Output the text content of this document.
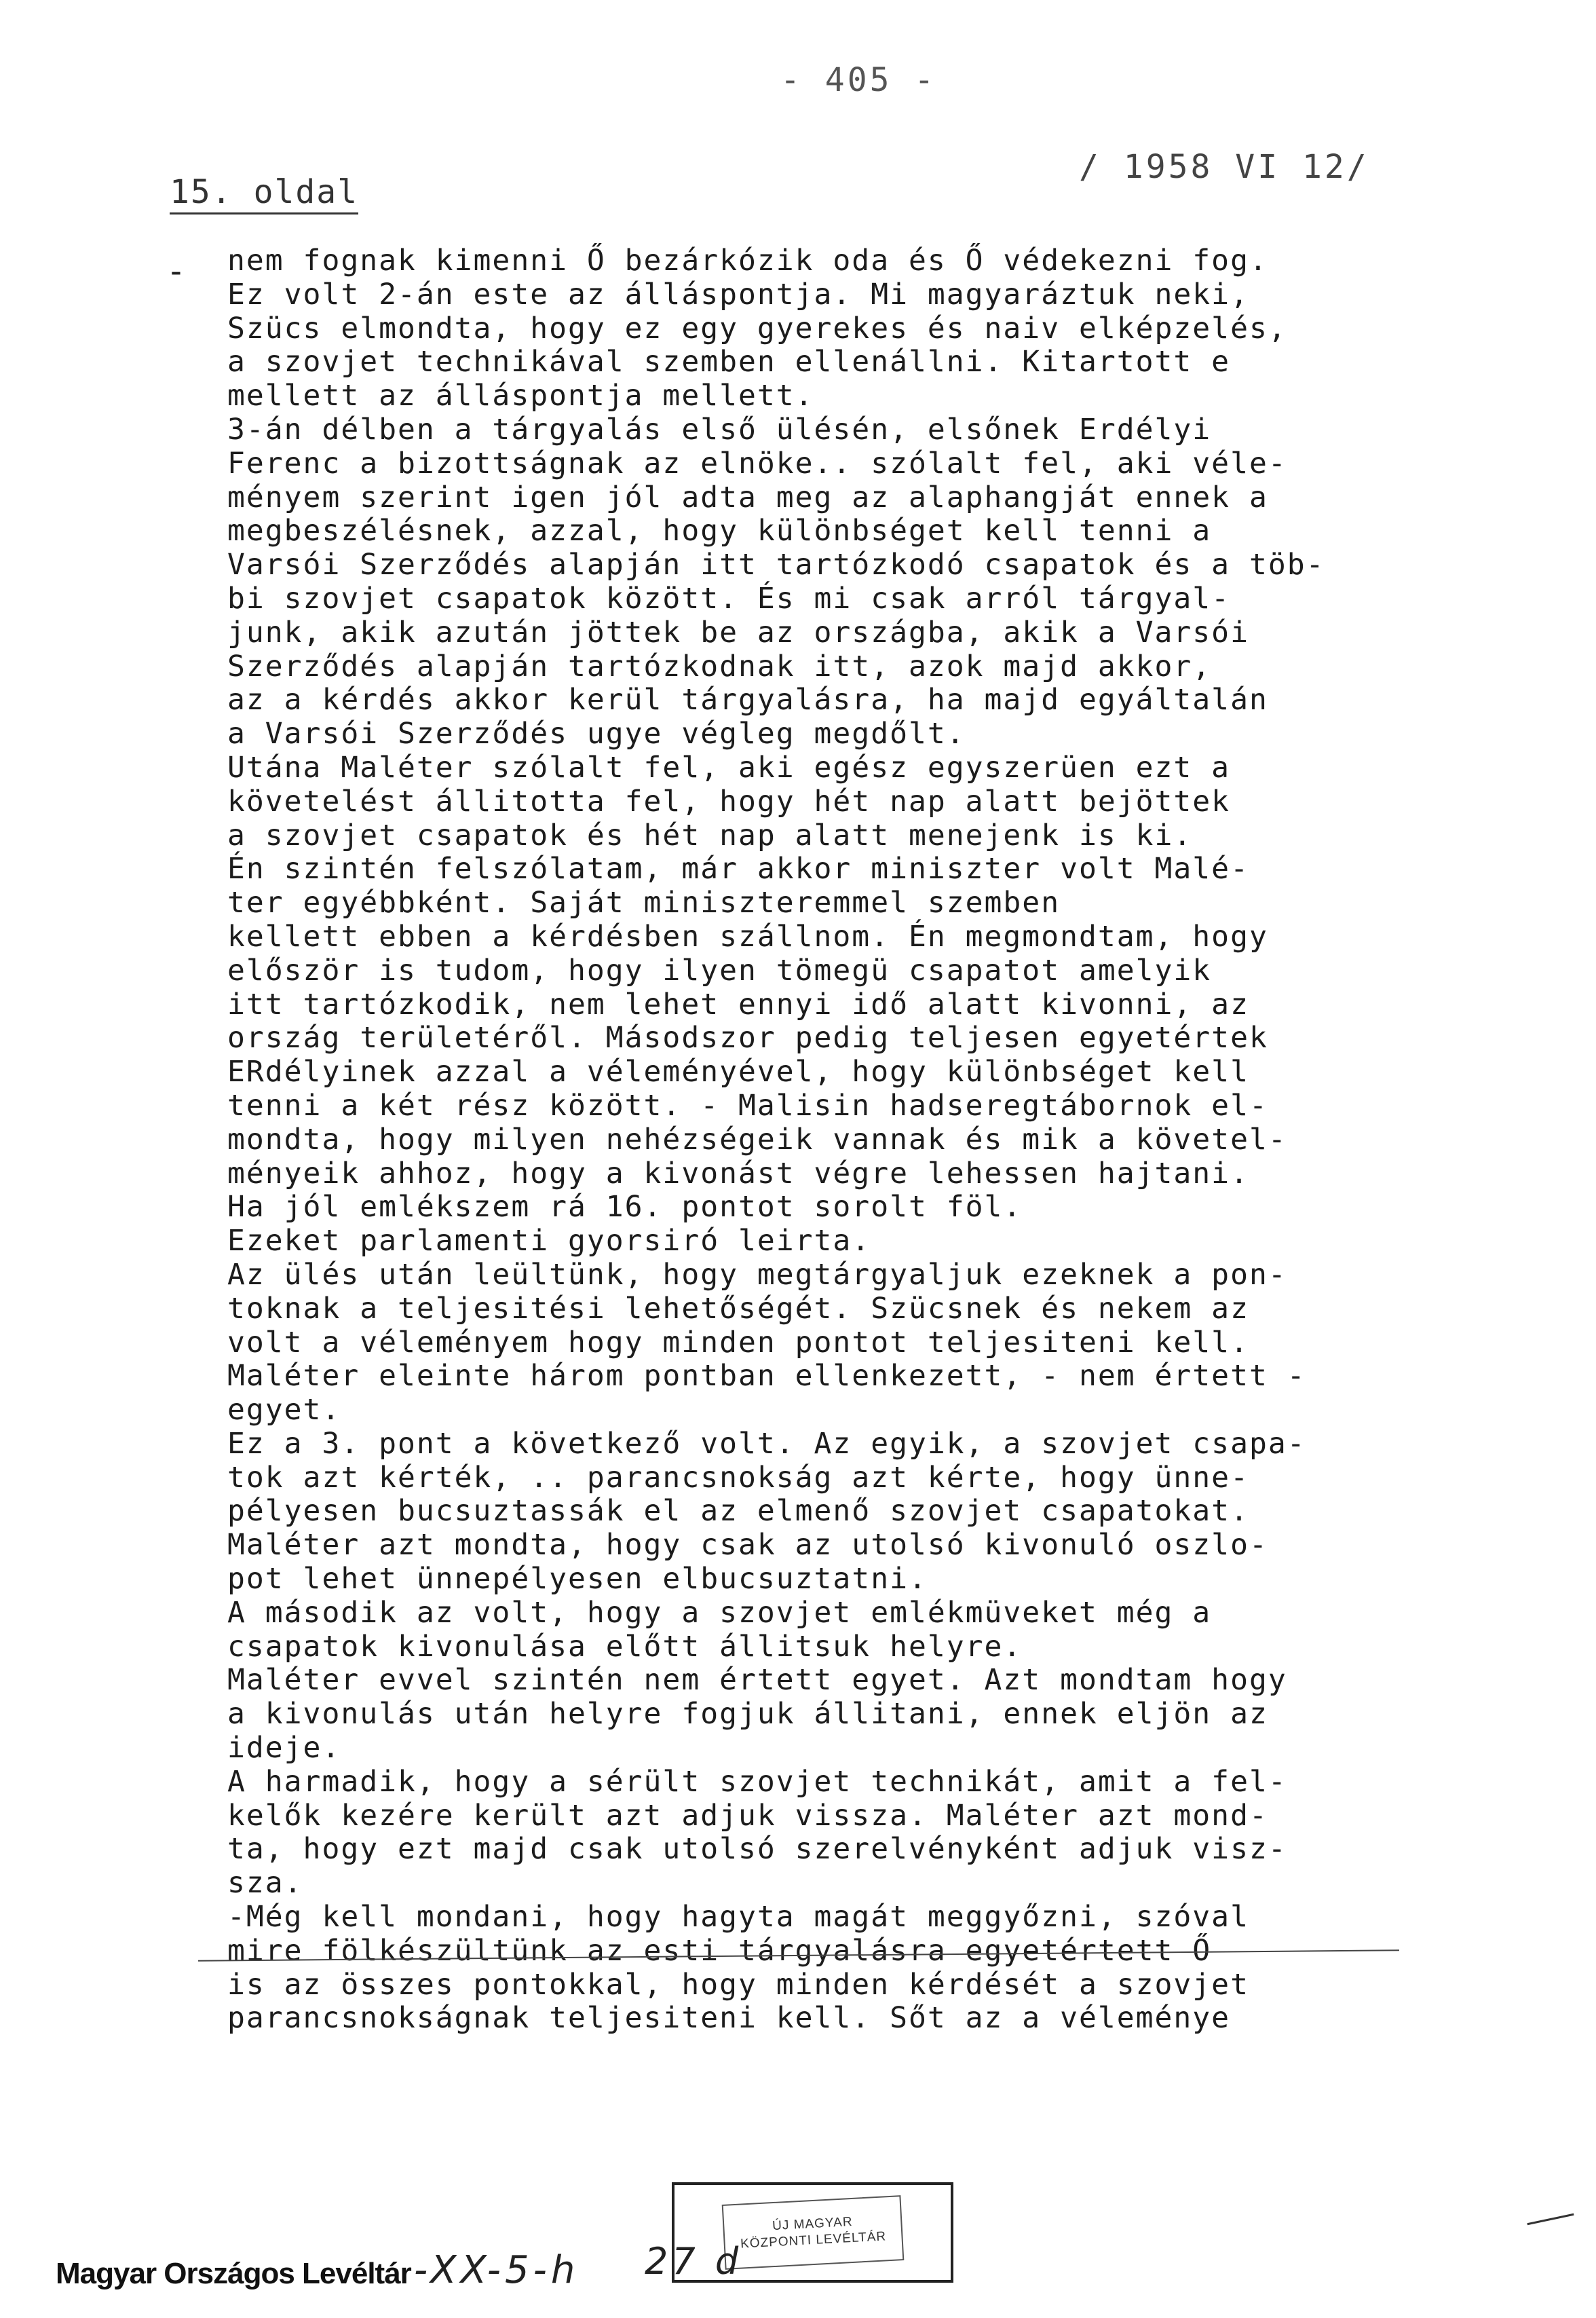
- 405 -
15. oldal
/ 1958 VI 12/
- nem fognak kimenni Ő bezárkózik oda és Ő védekezni fog.
Ez volt 2-án este az álláspontja. Mi magyaráztuk neki,
Szücs elmondta, hogy ez egy gyerekes és naiv elképzelés,
a szovjet technikával szemben ellenállni. Kitartott e
mellett az álláspontja mellett.
3-án délben a tárgyalás első ülésén, elsőnek Erdélyi
Ferenc a bizottságnak az elnöke.. szólalt fel, aki véle-
ményem szerint igen jól adta meg az alaphangját ennek a
megbeszélésnek, azzal, hogy különbséget kell tenni a
Varsói Szerződés alapján itt tartózkodó csapatok és a töb-
bi szovjet csapatok között. És mi csak arról tárgyal-
junk, akik azután jöttek be az országba, akik a Varsói
Szerződés alapján tartózkodnak itt, azok majd akkor,
az a kérdés akkor kerül tárgyalásra, ha majd egyáltalán
a Varsói Szerződés ugye végleg megdőlt.
Utána Maléter szólalt fel, aki egész egyszerüen ezt a
követelést állitotta fel, hogy hét nap alatt bejöttek
a szovjet csapatok és hét nap alatt menejenk is ki.
Én szintén felszólatam, már akkor miniszter volt Malé-
ter egyébbként. Saját miniszteremmel szemben
kellett ebben a kérdésben szállnom. Én megmondtam, hogy
először is tudom, hogy ilyen tömegü csapatot amelyik
itt tartózkodik, nem lehet ennyi idő alatt kivonni, az
ország területéről. Másodszor pedig teljesen egyetértek
ERdélyinek azzal a véleményével, hogy különbséget kell
tenni a két rész között. - Malisin hadseregtábornok el-
mondta, hogy milyen nehézségeik vannak és mik a követel-
ményeik ahhoz, hogy a kivonást végre lehessen hajtani.
Ha jól emlékszem rá 16. pontot sorolt föl.
Ezeket parlamenti gyorsiró leirta.
Az ülés után leültünk, hogy megtárgyaljuk ezeknek a pon-
toknak a teljesitési lehetőségét. Szücsnek és nekem az
volt a véleményem hogy minden pontot teljesiteni kell.
Maléter eleinte három pontban ellenkezett, - nem értett -
egyet.
Ez a 3. pont a következő volt. Az egyik, a szovjet csapa-
tok azt kérték, .. parancsnokság azt kérte, hogy ünne-
pélyesen bucsuztassák el az elmenő szovjet csapatokat.
Maléter azt mondta, hogy csak az utolsó kivonuló oszlo-
pot lehet ünnepélyesen elbucsuztatni.
A második az volt, hogy a szovjet emlékmüveket még a
csapatok kivonulása előtt állitsuk helyre.
Maléter evvel szintén nem értett egyet. Azt mondtam hogy
a kivonulás után helyre fogjuk állitani, ennek eljön az
ideje.
A harmadik, hogy a sérült szovjet technikát, amit a fel-
kelők kezére került azt adjuk vissza. Maléter azt mond-
ta, hogy ezt majd csak utolsó szerelvényként adjuk visz-
sza.
-Még kell mondani, hogy hagyta magát meggyőzni, szóval
mire fölkészültünk az esti tárgyalásra egyetértett Ő
is az összes pontokkal, hogy minden kérdését a szovjet
parancsnokságnak teljesiteni kell. Sőt az a véleménye
ÚJ MAGYAR
KÖZPONTI LEVÉLTÁR
Magyar Országos Levéltár -XX-5-h 27 d
